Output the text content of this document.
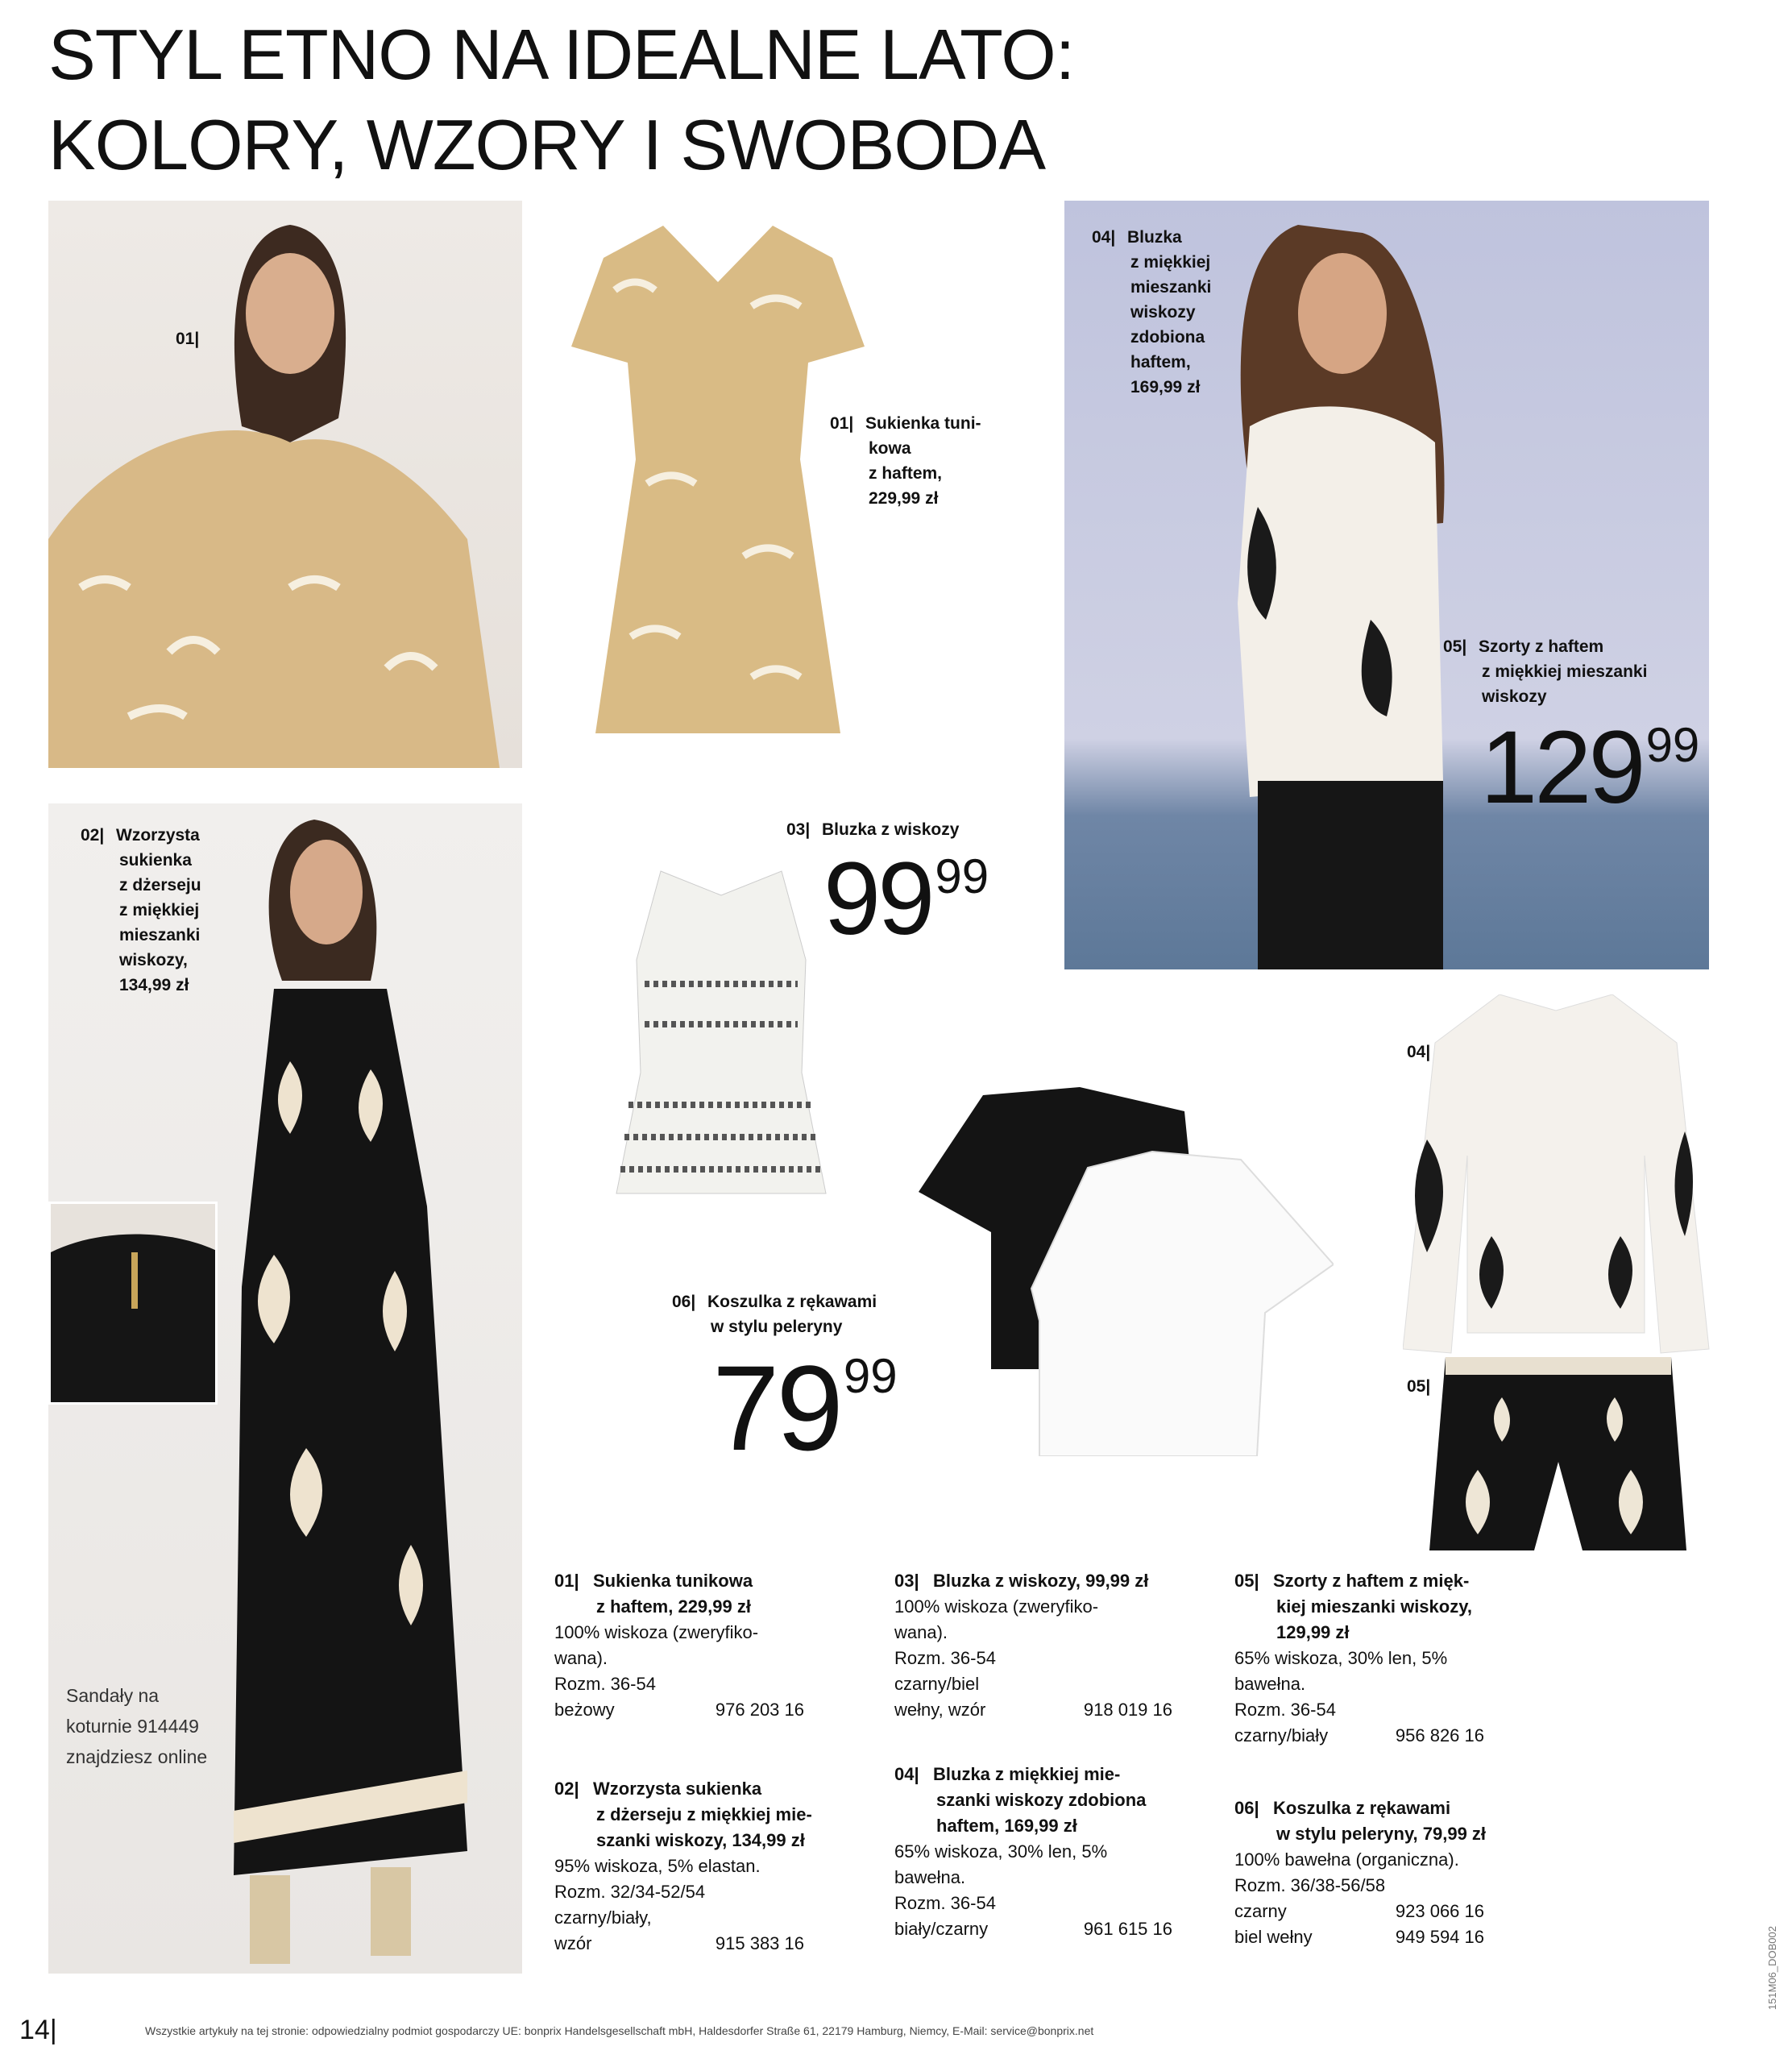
STYL ETNO NA IDEALNE LATO:
KOLORY, WZORY I SWOBODA
01|
01| Sukienka tuni-
kowa
z haftem,
229,99 zł
04| Bluzka
z miękkiej
mieszanki
wiskozy
zdobiona
haftem,
169,99 zł
05| Szorty z haftem
z miękkiej mieszanki
wiskozy
$129^{99}$
02| Wzorzysta
sukienka
z dżerseju
z miękkiej
mieszanki
wiskozy,
134,99 zł
Sandały na
koturnie 914449
znajdziesz online
03| Bluzka z wiskozy
$99^{99}$
06| Koszulka z rękawami
w stylu peleryny
$79^{99}$
04|
05|
01| Sukienka tunikowa
z haftem, 229,99 zł
100% wiskoza (zweryfiko-
wana).
Rozm. 36-54
beżowy	976 203 16
02| Wzorzysta sukienka
z dżerseju z miękkiej mie-
szanki wiskozy, 134,99 zł
95% wiskoza, 5% elastan.
Rozm. 32/34-52/54
czarny/biały,
wzór	915 383 16
03| Bluzka z wiskozy, 99,99 zł
100% wiskoza (zweryfiko-
wana).
Rozm. 36-54
czarny/biel
wełny, wzór	918 019 16
04| Bluzka z miękkiej mie-
szanki wiskozy zdobiona
haftem, 169,99 zł
65% wiskoza, 30% len, 5%
bawełna.
Rozm. 36-54
biały/czarny	961 615 16
05| Szorty z haftem z mięk-
kiej mieszanki wiskozy,
129,99 zł
65% wiskoza, 30% len, 5%
bawełna.
Rozm. 36-54
czarny/biały	956 826 16
06| Koszulka z rękawami
w stylu peleryny, 79,99 zł
100% bawełna (organiczna).
Rozm. 36/38-56/58
czarny	923 066 16
biel wełny	949 594 16
14|	Wszystkie artykuły na tej stronie: odpowiedzialny podmiot gospodarczy UE: bonprix Handelsgesellschaft mbH, Haldesdorfer Straße 61, 22179 Hamburg, Niemcy, E-Mail: service@bonprix.net
151M06_DOB002
